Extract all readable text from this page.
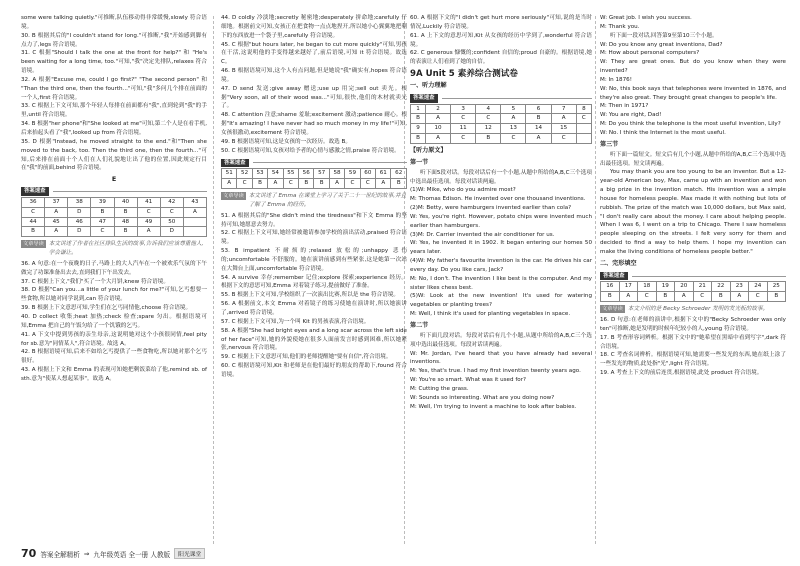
some were talking quietly."可推断,队伍移动得非常缓慢,slowly 符合语境。

30. B 根据其后的"I couldn't stand for long."可推断,"我"开始感到脚有点力了,legs 符合语境。

31. C 根据"Should I talk the one at the front for help?" 和 "He's been waiting for a long time, too."可知,"我"决定先排队,relaxes 符合语境。

32. A 根据"Excuse me, could I go first?" "The second person" 和 "Than the third one, then the fourth..."可知,"我"多问几个排在前面的一个人,first 符合语境。

33. C 根据上下文可知,那个年轻人每排在前面都有"我",直到轮到"我"的手里,until 符合语境。

34. B 根据"her phone"和"She looked at me"可知,第二个人是在看手机,后来抬起头看了"我",looked up from 符合语境。

35. D 根据"Instead, he moved straight to the end."和"Then she moved to the back, too. Then the third one, then the fourth..."可知,后来排在前面十个人们在人们礼貌地让出了他的位置,因此规定行目在"我"的前面,behind 符合语境。

E
答案速查
36	37	38	39	40	41	42	43
C	A	D	B	B	C	C	A
44	45	46	47	48	49	50	
B	A	D	C	B	A	D	
文章导读 本文讲述了作者在社区排队生活的故事,告诉我们应该尊重他人,学会谦让。

36. A 句意:在一个夜晚的日子,马路上的大人汽车在一个被欢乐气氛的下午做完了功课准备出去去,直到我们下午出发去。

37. C 根据上下文,"我们"买了一个大月饼,knew 符合语境。

38. D 根据"Can you...a little of your lunch for me?"可知,乞丐想要一些食物,所以她对同学说到,can 符合语境。

39. B 根据上下文意思可知,学生们在乞丐同情他,choose 符合语境。

40. D collect 收集;heat 加热;check 检查;spare 匀出。根据语境可知,Emma 把自己的午饭匀给了一个饥饿的乞丐。

41. A 下文中提到男孩的亲生母亲,这说明她对这个小孩很同情,feel pity for sb.意为"同情某人",符合语境。故选 A。

42. B 根据语境可知,后来不如给乞丐提供了一些食物吃,所以她对那个乞丐很好。

43. A 根据上下文和 Emma 的表现可知她把剩饭菜给了他,remind sb. of sth.意为"使某人想起某事"。故选 A。

44. D coldly 冷淡地;secretly 秘密地;desperately 拼命地;carefully 仔细地。根据前文可知,女孩正在把食物一点点地捏开,所以她小心翼翼地把剩下的东西放进一个袋子里,carefully 符合语境。

45. C 根据"but hours later, he began to cut more quickly"可知,男孩在干活,这说明他的手变得越来越好了,前后语境,可知 it 符合语境。故选 C。

46. B 根据语境可知,这个人有点问题,但是她说"我"确实有,hopes 符合语境。

47. D send 发送;give away 赠送;use up 用完;sell out 卖光。根据"Very soon, all of their wood was..."可知,很快,他们的木材就卖光了。

48. C attention 注意;shame 羞耻;excitement 激动;patience 耐心。根据"It's amazing! I have never had so much money in my life!"可知,女孩很激动,excitement 符合语境。

49. B 根据语境可知,这是女孩的一次经历。故选 B。

50. C 根据语境可知,女孩对给予者的心情与感激之情,praise 符合语境。

答案速查
51	52	53	54	55	56	57	58	59	60	61	62
A	C	B	A	C	B	B	A	C	C	A	B
文章导读 本文讲述了 Emma 在课堂上学习了关于二十一世纪的故事,并且了解了 Emma 的经历。

51. A 根据其后的"She didn't mind the tiredness"和下文 Emma 的坚持可知,她愿意去努力。

52. C 根据上下文可知,她经常被邀请参加学校的演出活动,praised 符合语境。

53. B impatient 不耐烦的;relaxed 放松的;unhappy 悲伤的;uncomfortable 不舒服的。她在演讲前感到有些紧张,这是她第一次站在大舞台上面,uncomfortable 符合语境。

54. A survive 幸存;remember 记住;explore 探索;experience 经历。根据下文的意思可知,Emma 对着镜子练习,提前做好了准备。

55. B 根据上下文可知,学校组织了一次演出比赛,所以是 the 符合语境。

56. A 根据前文,本文 Emma 对着镜子的练习使她在演讲时,所以她演讲了,arrived 符合语境。

57. C 根据上下文可知,为一个叫 Kit 的男孩表演,符合语境。

58. A 根据"She had bright eyes and a long scar across the left side of her face"可知,她的外貌使她在很多人面前发言时感到困难,所以她紧张,nervous 符合语境。

59. C 根据上下文意思可知,他们的老师提醒她"要有自信",符合语境。

60. C 根据语境可知,Kit 和老师是在他们最好的朋友的帮助下,found 符合语境。

60. A 根据下文的"I didn't get hurt more seriously"可知,说的是当时情况,Luckily 符合语境。

61. A 上下文的意思可知,Kit 从女孩的经历中学到了,wonderful 符合语境。

62. C generous 慷慨的;confident 自信的;proud 自豪的。根据语境,她的表演让人们看到了她的自信。

9A Unit 5 素养综合测试卷
一、听力理解
答案速查
1	2	3	4	5	6	7	8
B	A	C	C	A	B	A	C
9	10	11	12	13	14	15	
B	A	C	B	C	A	C	
【听力原文】
第一节

听下面5段对话。每段对话后有一个小题,从题中所给的A,B,C三个选项中选出最佳选项。每段对话读两遍。

(1)W: Mike, who do you admire most?

M: Thomas Edison. He invented over one thousand inventions.

(2)M: Betty, were hamburgers invented earlier than cola?

W: Yes, you're right. However, potato chips were invented much earlier than hamburgers.

(3)M: Dr. Carrier invented the air conditioner for us.

W: Yes, he invented it in 1902. It began entering our homes 50 years later.

(4)W: My father's favourite invention is the car. He drives his car every day. Do you like cars, Jack?

M: No, I don't. The invention I like best is the computer. And my sister likes chess best.

(5)W: Look at the new invention! It's used for watering vegetables or planting trees?

M: Well, I think it's used for planting vegetables in space.

第二节

听下面几段对话。每段对话后有几个小题,从题中所给的A,B,C三个选项中选出最佳选项。每段对话读两遍。

W: Mr. Jordan, I've heard that you have already had several inventions.

M: Yes, that's true. I had my first invention twenty years ago.

W: You're so smart. What was it used for?

M: Cutting the grass.

W: Sounds so interesting. What are you doing now?

M: Well, I'm trying to invent a machine to look after babies.

W: Great job. I wish you success.

M: Thank you.

听下面一段对话,回答第9至第10三个小题。

W: Do you know any great inventions, Dad?

M: How about personal computers?

W: They are great ones. But do you know when they were invented?

M: In 1876!

W: No, this book says that telephones were invented in 1876, and they're also great. They brought great changes to people's life.

M: Then in 1971?

W: You are right, Dad!

M: Do you think the telephone is the most useful invention, Lily?

W: No. I think the Internet is the most useful.

第三节

听下面一篇短文。短文后有几个小题,从题中所给的A,B,C三个选项中选出最佳选项。短文读两遍。

You may thank you are too young to be an inventor. But a 12-year-old American boy, Max, came up with an invention and won a big prize in the invention match. His invention was a simple house for homeless people. Max made it with nothing but lots of rubbish. The prize of the match was 10,000 dollars, but Max said, "I don't really care about the money. I care about helping people. When I was 6, I went on a trip to Chicago. There I saw homeless people sleeping on the streets. I felt very sorry for them and decided to find a way to help them. I hope my invention can make the living conditions of homeless people better."

二、完形填空
答案速查
16	17	18	19	20	21	22	23	24	25
B	A	C	B	A	C	B	A	C	B
文章导读 本文介绍的是 Becky Schroeder 发明的发光板的故事。

16. D 句意:在老师的演讲中,根据下文中的"Becky Schroeder was only ten"可推断,她是发明的时候年纪较小的人,young 符合语境。

17. B 考查形容词辨析。根据下文中的"她希望在黑暗中看到写字",dark 符合语境。

18. C 考查名词辨析。根据语境可知,她需要一些发光的东西,她在纸上涂了一些发光的物质,此处指"光",light 符合语境。

19. A 考查上下文的前后连贯,根据语境,此处 product 符合语境。

70 答案全解精析 ⇒ 九年级英语 全一册 人教版	阳光课堂
